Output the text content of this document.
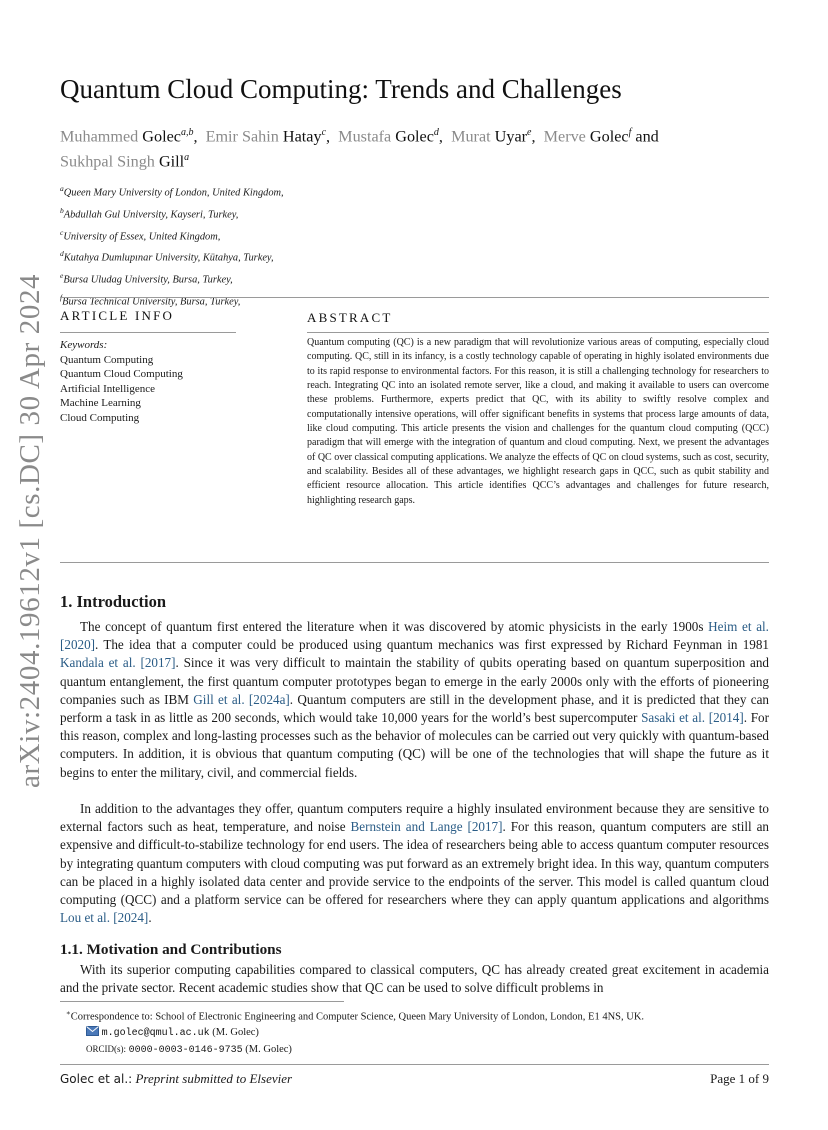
Quantum Cloud Computing: Trends and Challenges
Muhammed Golec$^{a,b}$,  Emir Sahin Hatay$^c$,  Mustafa Golec$^d$,  Murat Uyar$^e$,  Merve Golec$^f$ and
Sukhpal Singh Gill$^a$
$^a$Queen Mary University of London, United Kingdom,
$^b$Abdullah Gul University, Kayseri, Turkey,
$^c$University of Essex, United Kingdom,
$^d$Kutahya Dumlupınar University, Kütahya, Turkey,
$^e$Bursa Uludag University, Bursa, Turkey,
$^f$Bursa Technical University, Bursa, Turkey,
arXiv:2404.19612v1 [cs.DC] 30 Apr 2024	ARTICLE INFO
Keywords:
Quantum Computing
Quantum Cloud Computing
Artificial Intelligence
Machine Learning
Cloud Computing
ABSTRACT
Quantum computing (QC) is a new paradigm that will revolutionize various areas of computing, especially cloud computing. QC, still in its infancy, is a costly technology capable of operating in highly isolated environments due to its rapid response to environmental factors. For this reason, it is still a challenging technology for researchers to reach. Integrating QC into an isolated remote server, like a cloud, and making it available to users can overcome these problems. Furthermore, experts predict that QC, with its ability to swiftly resolve complex and computationally intensive operations, will offer significant benefits in systems that process large amounts of data, like cloud computing. This article presents the vision and challenges for the quantum cloud computing (QCC) paradigm that will emerge with the integration of quantum and cloud computing. Next, we present the advantages of QC over classical computing applications. We analyze the effects of QC on cloud systems, such as cost, security, and scalability. Besides all of these advantages, we highlight research gaps in QCC, such as qubit stability and efficient resource allocation. This article identifies QCC’s advantages and challenges for future research, highlighting research gaps.
1. Introduction
The concept of quantum first entered the literature when it was discovered by atomic physicists in the early 1900s Heim et al. [2020]. The idea that a computer could be produced using quantum mechanics was first expressed by Richard Feynman in 1981 Kandala et al. [2017]. Since it was very difficult to maintain the stability of qubits operating based on quantum superposition and quantum entanglement, the first quantum computer prototypes began to emerge in the early 2000s only with the efforts of pioneering companies such as IBM Gill et al. [2024a]. Quantum computers are still in the development phase, and it is predicted that they can perform a task in as little as 200 seconds, which would take 10,000 years for the world’s best supercomputer Sasaki et al. [2014]. For this reason, complex and long-lasting processes such as the behavior of molecules can be carried out very quickly with quantum-based computers. In addition, it is obvious that quantum computing (QC) will be one of the technologies that will shape the future as it begins to enter the military, civil, and commercial fields.
In addition to the advantages they offer, quantum computers require a highly insulated environment because they are sensitive to external factors such as heat, temperature, and noise Bernstein and Lange [2017]. For this reason, quantum computers are still an expensive and difficult-to-stabilize technology for end users. The idea of researchers being able to access quantum computer resources by integrating quantum computers with cloud computing was put forward as an extremely bright idea. In this way, quantum computers can be placed in a highly isolated data center and provide service to the endpoints of the server. This model is called quantum cloud computing (QCC) and a platform service can be offered for researchers where they can apply quantum applications and algorithms Lou et al. [2024].
1.1. Motivation and Contributions
With its superior computing capabilities compared to classical computers, QC has already created great excitement in academia and the private sector. Recent academic studies show that QC can be used to solve difficult problems in
∗Correspondence to: School of Electronic Engineering and Computer Science, Queen Mary University of London, London, E1 4NS, UK.
m.golec@qmul.ac.uk (M. Golec)
ORCID(s): 0000-0003-0146-9735 (M. Golec)
Golec et al.: Preprint submitted to Elsevier	Page 1 of 9
